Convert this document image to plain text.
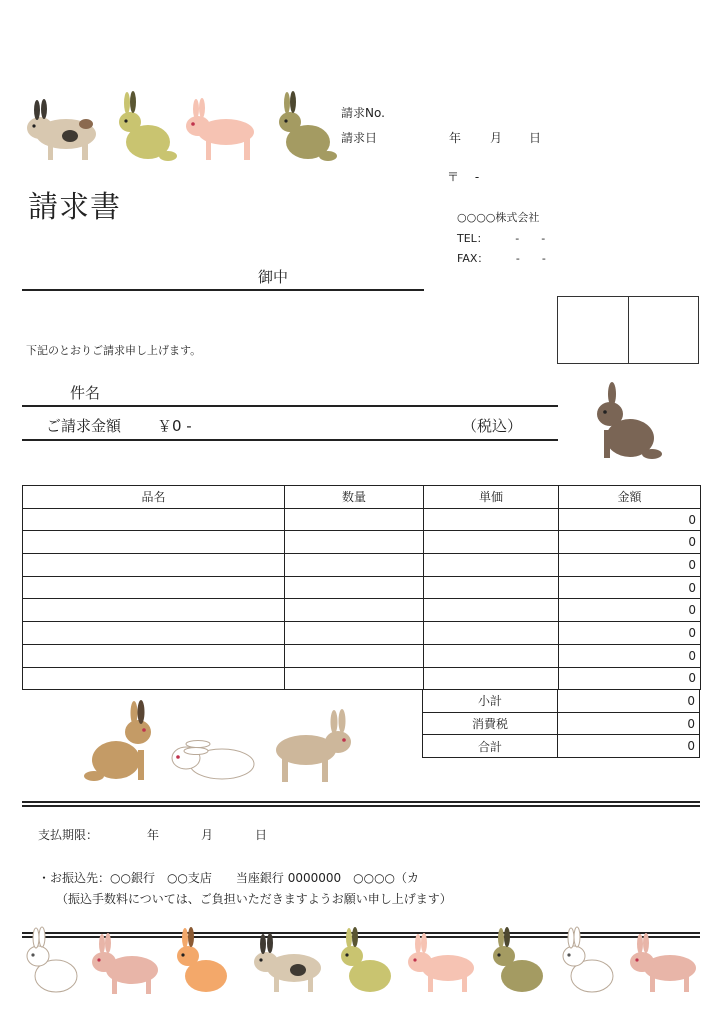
請求No.
請求日	年 月 日
請求書
〒　 -
○○○○株式会社
TEL：　　　-　　-
FAX：　　　-　　-
御中
下記のとおりご請求申し上げます。
件名
ご請求金額 ￥0 -	（税込）
品名	数量	単価	金額
			0
			0
			0
			0
			0
			0
			0
			0
小計	0
消費税	0
合計	0
支払期限：	年	月	日
・お振込先：○○銀行　○○支店　　当座銀行 0000000　○○○○（カ
（振込手数料については、ご負担いただきますようお願い申し上げます）
